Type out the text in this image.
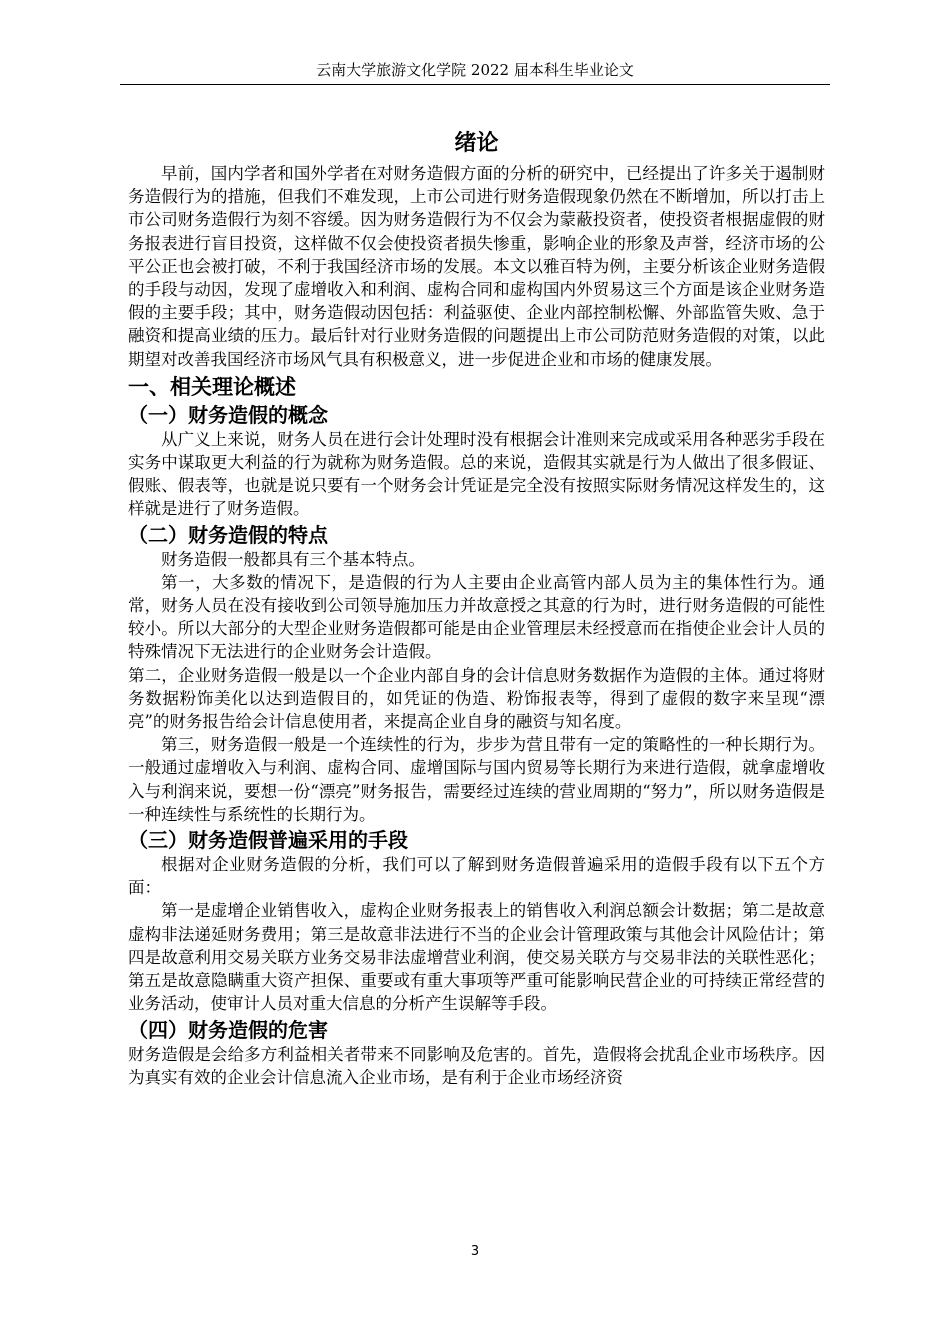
云南大学旅游文化学院 2022 届本科生毕业论文
绪论

早前，国内学者和国外学者在对财务造假方面的分析的研究中，已经提出了许多关于遏制财务造假行为的措施，但我们不难发现，上市公司进行财务造假现象仍然在不断增加，所以打击上市公司财务造假行为刻不容缓。因为财务造假行为不仅会为蒙蔽投资者，使投资者根据虚假的财务报表进行盲目投资，这样做不仅会使投资者损失惨重，影响企业的形象及声誉，经济市场的公平公正也会被打破，不利于我国经济市场的发展。本文以雅百特为例，主要分析该企业财务造假的手段与动因，发现了虚增收入和利润、虚构合同和虚构国内外贸易这三个方面是该企业财务造假的主要手段；其中，财务造假动因包括：利益驱使、企业内部控制松懈、外部监管失败、急于融资和提高业绩的压力。最后针对行业财务造假的问题提出上市公司防范财务造假的对策，以此期望对改善我国经济市场风气具有积极意义，进一步促进企业和市场的健康发展。

一、相关理论概述
（一）财务造假的概念

从广义上来说，财务人员在进行会计处理时没有根据会计准则来完成或采用各种恶劣手段在实务中谋取更大利益的行为就称为财务造假。总的来说，造假其实就是行为人做出了很多假证、假账、假表等，也就是说只要有一个财务会计凭证是完全没有按照实际财务情况这样发生的，这样就是进行了财务造假。

（二）财务造假的特点

财务造假一般都具有三个基本特点。

第一，大多数的情况下，是造假的行为人主要由企业高管内部人员为主的集体性行为。通常，财务人员在没有接收到公司领导施加压力并故意授之其意的行为时，进行财务造假的可能性较小。所以大部分的大型企业财务造假都可能是由企业管理层未经授意而在指使企业会计人员的特殊情况下无法进行的企业财务会计造假。

第二，企业财务造假一般是以一个企业内部自身的会计信息财务数据作为造假的主体。通过将财务数据粉饰美化以达到造假目的，如凭证的伪造、粉饰报表等，得到了虚假的数字来呈现“漂亮”的财务报告给会计信息使用者，来提高企业自身的融资与知名度。

第三，财务造假一般是一个连续性的行为，步步为营且带有一定的策略性的一种长期行为。一般通过虚增收入与利润、虚构合同、虚增国际与国内贸易等长期行为来进行造假，就拿虚增收入与利润来说，要想一份“漂亮”财务报告，需要经过连续的营业周期的“努力”，所以财务造假是一种连续性与系统性的长期行为。

（三）财务造假普遍采用的手段

根据对企业财务造假的分析，我们可以了解到财务造假普遍采用的造假手段有以下五个方面：

第一是虚增企业销售收入，虚构企业财务报表上的销售收入利润总额会计数据；第二是故意虚构非法递延财务费用；第三是故意非法进行不当的企业会计管理政策与其他会计风险估计；第四是故意利用交易关联方业务交易非法虚增营业利润，使交易关联方与交易非法的关联性恶化；第五是故意隐瞒重大资产担保、重要或有重大事项等严重可能影响民营企业的可持续正常经营的业务活动，使审计人员对重大信息的分析产生误解等手段。

（四）财务造假的危害

财务造假是会给多方利益相关者带来不同影响及危害的。首先，造假将会扰乱企业市场秩序。因为真实有效的企业会计信息流入企业市场，是有利于企业市场经济资

3
